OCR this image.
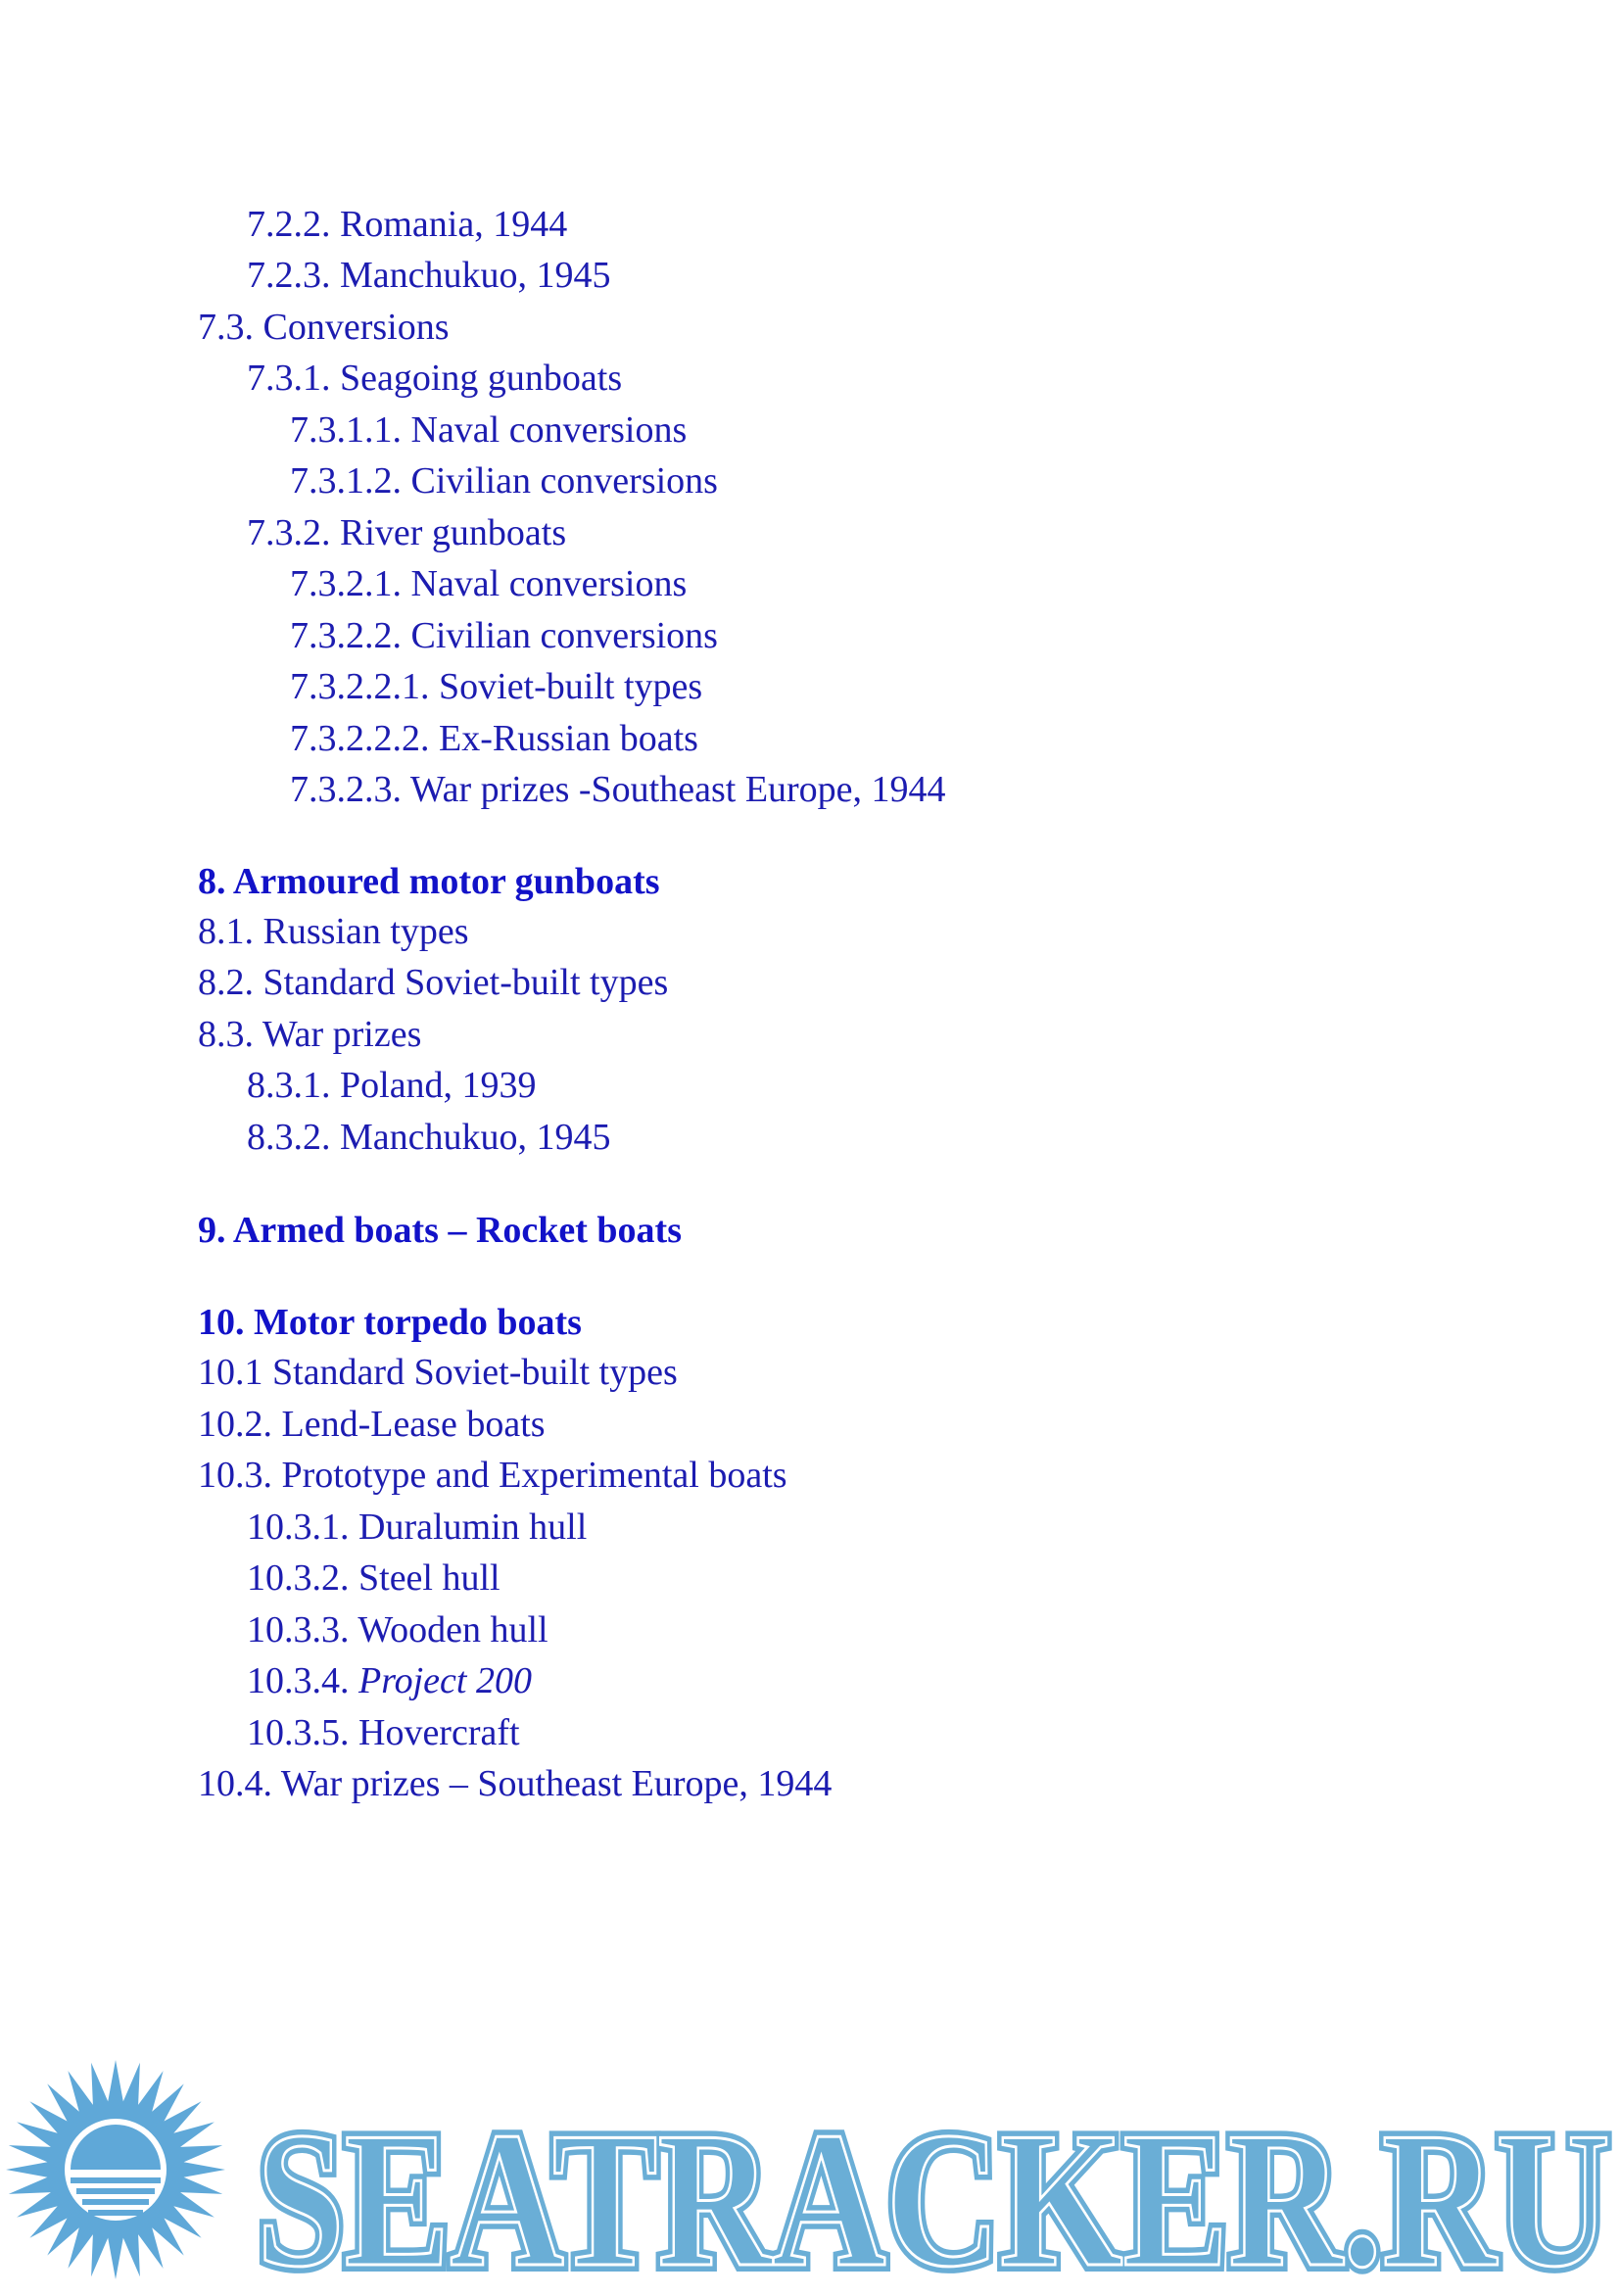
7.2.2. Romania, 1944
7.2.3. Manchukuo, 1945
7.3. Conversions
7.3.1. Seagoing gunboats
7.3.1.1. Naval conversions
7.3.1.2. Civilian conversions
7.3.2. River gunboats
7.3.2.1. Naval conversions
7.3.2.2. Civilian conversions
7.3.2.2.1. Soviet-built types
7.3.2.2.2. Ex-Russian boats
7.3.2.3. War prizes -Southeast Europe, 1944
8. Armoured motor gunboats
8.1. Russian types
8.2. Standard Soviet-built types
8.3. War prizes
8.3.1. Poland, 1939
8.3.2. Manchukuo, 1945
9. Armed boats – Rocket boats
10. Motor torpedo boats
10.1 Standard Soviet-built types
10.2. Lend-Lease boats
10.3. Prototype and Experimental boats
10.3.1. Duralumin hull
10.3.2. Steel hull
10.3.3. Wooden hull
10.3.4. Project 200
10.3.5. Hovercraft
10.4. War prizes – Southeast Europe, 1944
SEATRACKER.RU
SEATRACKER.RU
